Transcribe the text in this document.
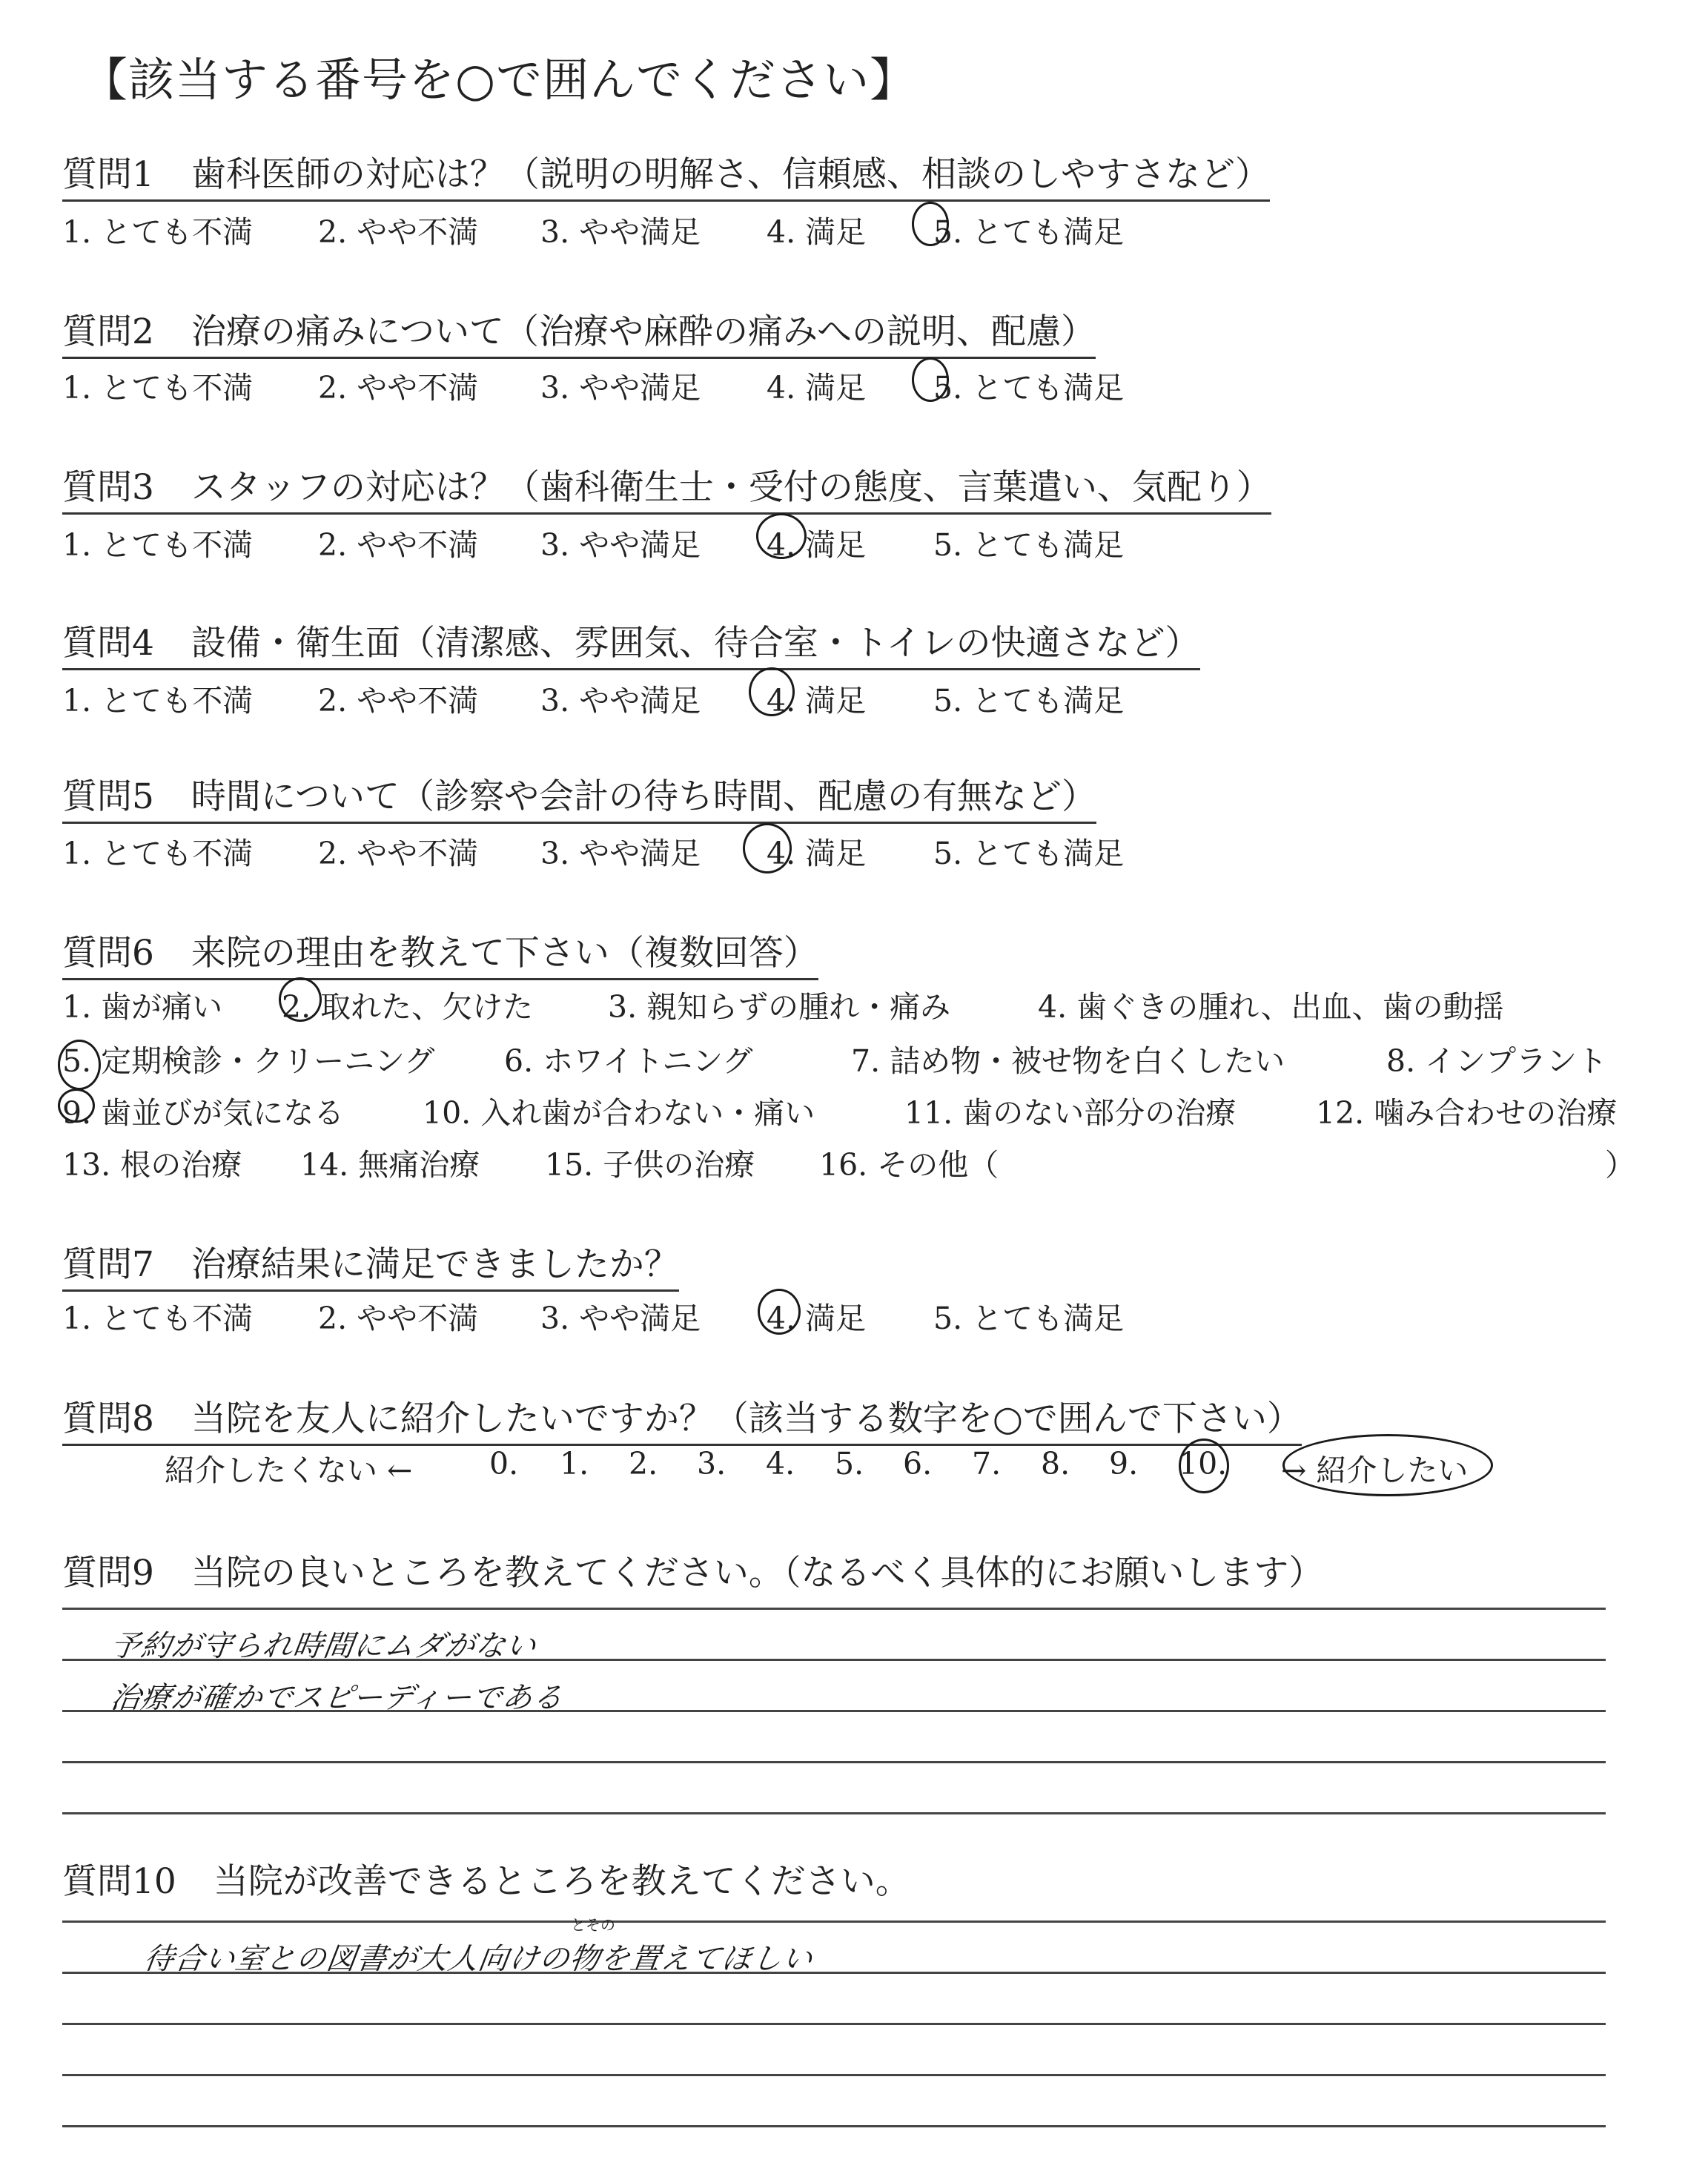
【該当する番号を○で囲んでください】
質問1 歯科医師の対応は？（説明の明解さ、信頼感、相談のしやすさなど）
1. とても不満 2. やや不満 3. やや満足 4. 満足 5. とても満足
質問2 治療の痛みについて（治療や麻酔の痛みへの説明、配慮）
1. とても不満 2. やや不満 3. やや満足 4. 満足 5. とても満足
質問3 スタッフの対応は？（歯科衛生士・受付の態度、言葉遣い、気配り）
1. とても不満 2. やや不満 3. やや満足 4. 満足 5. とても満足
質問4 設備・衛生面（清潔感、雰囲気、待合室・トイレの快適さなど）
1. とても不満 2. やや不満 3. やや満足 4. 満足 5. とても満足
質問5 時間について（診察や会計の待ち時間、配慮の有無など）
1. とても不満 2. やや不満 3. やや満足 4. 満足 5. とても満足
質問6 来院の理由を教えて下さい（複数回答）
1. 歯が痛い 2. 取れた、欠けた 3. 親知らずの腫れ・痛み	4. 歯ぐきの腫れ、出血、歯の動揺
5. 定期検診・クリーニング 6. ホワイトニング	7. 詰め物・被せ物を白くしたい	8. インプラント
9. 歯並びが気になる	10. 入れ歯が合わない・痛い	11. 歯のない部分の治療	12. 噛み合わせの治療
13. 根の治療 14. 無痛治療 15. 子供の治療 16. その他（	）
質問7 治療結果に満足できましたか？
1. とても不満 2. やや不満 3. やや満足 4. 満足 5. とても満足
質問8 当院を友人に紹介したいですか？（該当する数字を○で囲んで下さい）
紹介したくない ←	0. 1. 2. 3. 4. 5. 6. 7. 8. 9. 10. → 紹介したい
質問9 当院の良いところを教えてください。（なるべく具体的にお願いします）
予約が守られ時間にムダがない
治療が確かでスピーディーである
質問10 当院が改善できるところを教えてください。
とその
待合い室との図書が大人向けの物を置えてほしい
